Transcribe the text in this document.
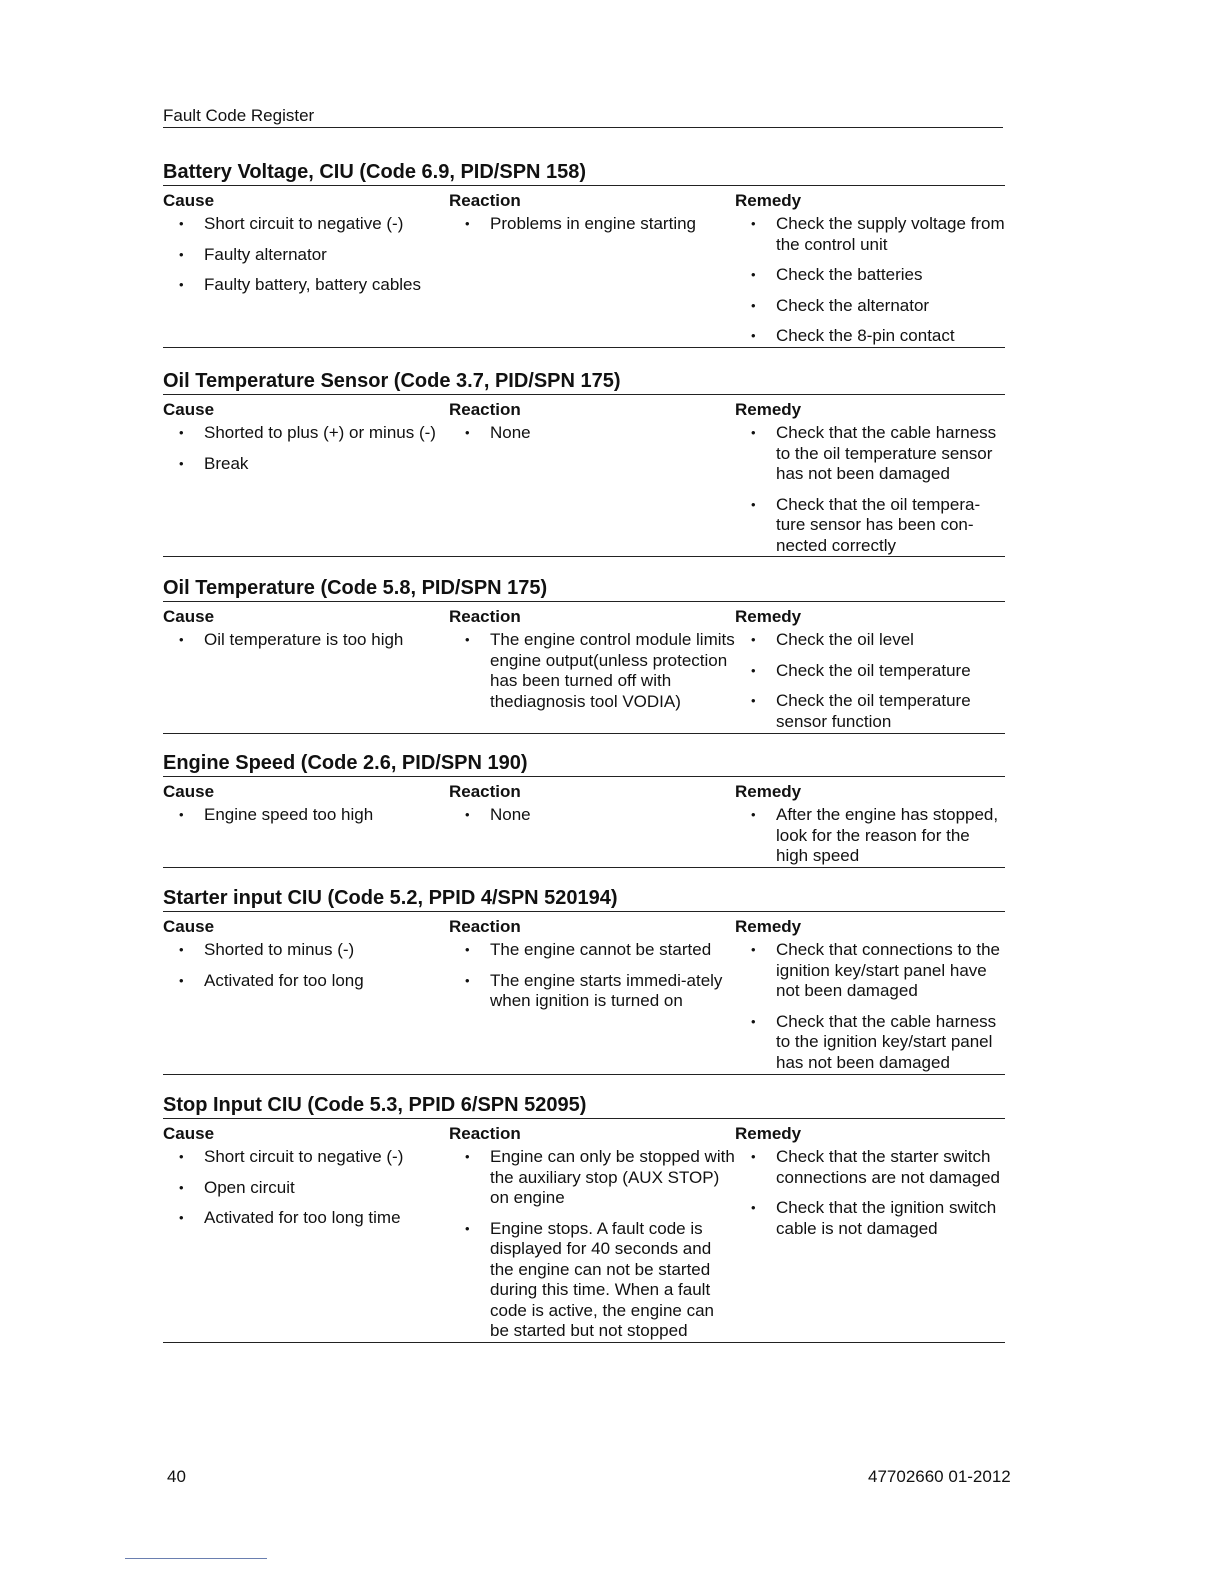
Fault Code Register
Battery Voltage, CIU (Code 6.9, PID/SPN 158)
Cause
• Short circuit to negative (-)
• Faulty alternator
• Faulty battery, battery cables
Reaction
• Problems in engine starting
Remedy
• Check the supply voltage from the control unit
• Check the batteries
• Check the alternator
• Check the 8-pin contact
Oil Temperature Sensor (Code 3.7, PID/SPN 175)
Cause
• Shorted to plus (+) or minus (-)
• Break
Reaction
• None
Remedy
• Check that the cable harness to the oil temperature sensor has not been damaged
• Check that the oil tempera-ture sensor has been con-nected correctly
Oil Temperature (Code 5.8, PID/SPN 175)
Cause
• Oil temperature is too high
Reaction
• The engine control module limits engine output(unless protection has been turned off with thediagnosis tool VODIA)
Remedy
• Check the oil level
• Check the oil temperature
• Check the oil temperature sensor function
Engine Speed (Code 2.6, PID/SPN 190)
Cause
• Engine speed too high
Reaction
• None
Remedy
• After the engine has stopped, look for the reason for the high speed
Starter input CIU (Code 5.2, PPID 4/SPN 520194)
Cause
• Shorted to minus (-)
• Activated for too long
Reaction
• The engine cannot be started
• The engine starts immedi-ately when ignition is turned on
Remedy
• Check that connections to the ignition key/start panel have not been damaged
• Check that the cable harness to the ignition key/start panel has not been damaged
Stop Input CIU (Code 5.3, PPID 6/SPN 52095)
Cause
• Short circuit to negative (-)
• Open circuit
• Activated for too long time
Reaction
• Engine can only be stopped with the auxiliary stop (AUX STOP) on engine
• Engine stops. A fault code is displayed for 40 seconds and the engine can not be started during this time. When a fault code is active, the engine can be started but not stopped
Remedy
• Check that the starter switch connections are not damaged
• Check that the ignition switch cable is not damaged
40	47702660 01-2012
